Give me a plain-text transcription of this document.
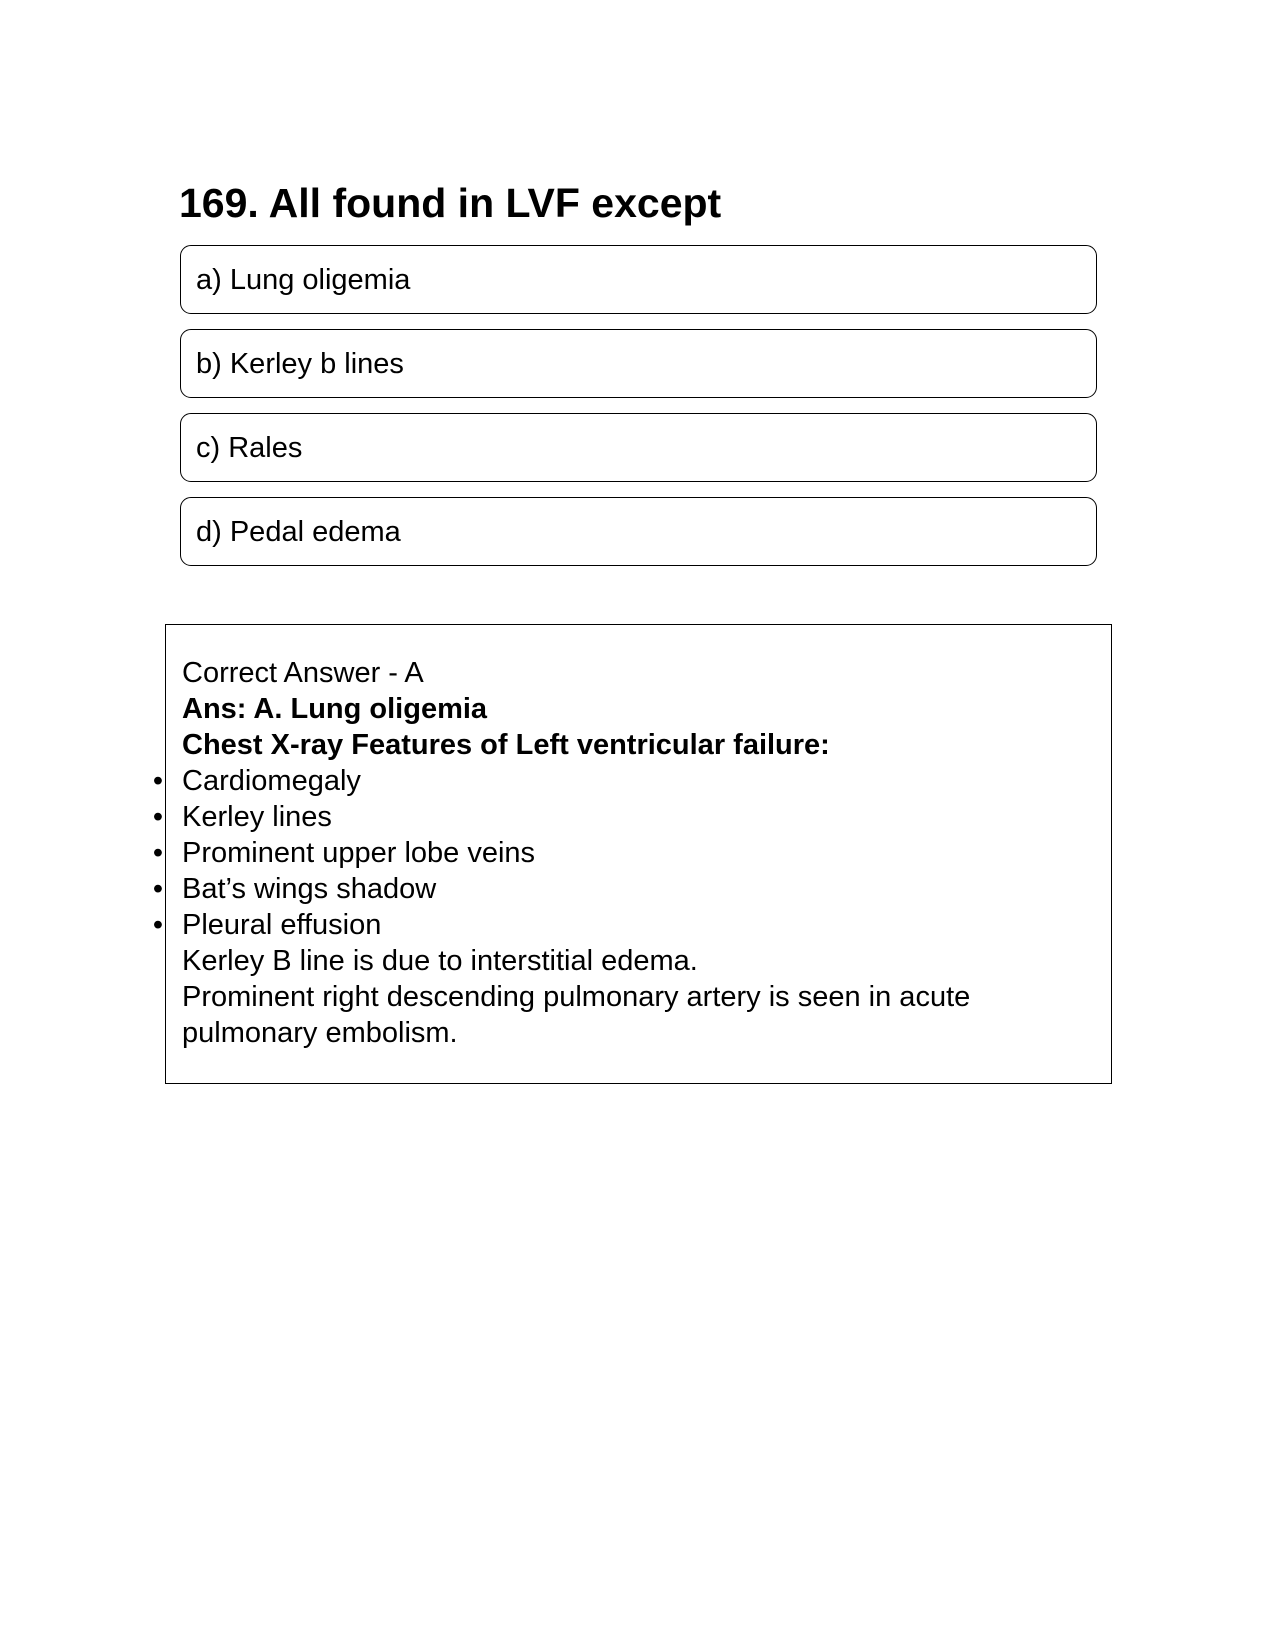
169. All found in LVF except
a) Lung oligemia
b) Kerley b lines
c) Rales
d) Pedal edema

Correct Answer - A

Ans: A. Lung oligemia

Chest X-ray Features of Left ventricular failure:

• Cardiomegaly
• Kerley lines
• Prominent upper lobe veins
• Bat’s wings shadow
• Pleural effusion

Kerley B line is due to interstitial edema.

Prominent right descending pulmonary artery is seen in acute pulmonary embolism.
